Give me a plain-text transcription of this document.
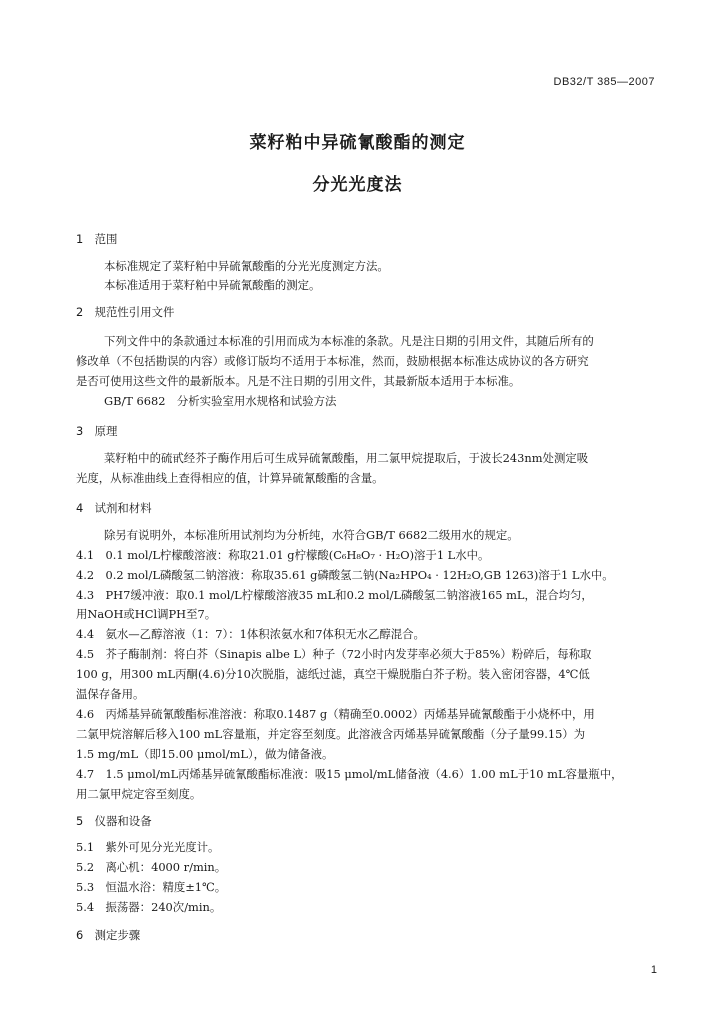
DB32/T 385—2007
菜籽粕中异硫氰酸酯的测定
分光光度法
1　范围
本标准规定了菜籽粕中异硫氰酸酯的分光光度测定方法。
本标准适用于菜籽粕中异硫氰酸酯的测定。
2　规范性引用文件
下列文件中的条款通过本标准的引用而成为本标准的条款。凡是注日期的引用文件，其随后所有的
修改单（不包括勘误的内容）或修订版均不适用于本标准，然而，鼓励根据本标准达成协议的各方研究
是否可使用这些文件的最新版本。凡是不注日期的引用文件，其最新版本适用于本标准。
GB/T 6682　分析实验室用水规格和试验方法
3　原理
菜籽粕中的硫甙经芥子酶作用后可生成异硫氰酸酯，用二氯甲烷提取后，于波长243nm处测定吸
光度，从标准曲线上查得相应的值，计算异硫氰酸酯的含量。
4　试剂和材料
除另有说明外，本标准所用试剂均为分析纯，水符合GB/T 6682二级用水的规定。
4.1　0.1 mol/L柠檬酸溶液：称取21.01 g柠檬酸(C₆H₈O₇ · H₂O)溶于1 L水中。
4.2　0.2 mol/L磷酸氢二钠溶液：称取35.61 g磷酸氢二钠(Na₂HPO₄ · 12H₂O,GB 1263)溶于1 L水中。
4.3　PH7缓冲液：取0.1 mol/L柠檬酸溶液35 mL和0.2 mol/L磷酸氢二钠溶液165 mL，混合均匀，
用NaOH或HCl调PH至7。
4.4　氨水—乙醇溶液（1：7）：1体积浓氨水和7体积无水乙醇混合。
4.5　芥子酶制剂：将白芥（Sinapis albe L）种子（72小时内发芽率必须大于85%）粉碎后，每称取
100 g，用300 mL丙酮(4.6)分10次脱脂，滤纸过滤，真空干燥脱脂白芥子粉。装入密闭容器，4℃低
温保存备用。
4.6　丙烯基异硫氰酸酯标准溶液：称取0.1487 g（精确至0.0002）丙烯基异硫氰酸酯于小烧杯中，用
二氯甲烷溶解后移入100 mL容量瓶，并定容至刻度。此溶液含丙烯基异硫氰酸酯（分子量99.15）为
1.5 mg/mL（即15.00 μmol/mL），做为储备液。
4.7　1.5 μmol/mL丙烯基异硫氰酸酯标准液：吸15 μmol/mL储备液（4.6）1.00 mL于10 mL容量瓶中，
用二氯甲烷定容至刻度。
5　仪器和设备
5.1　紫外可见分光光度计。
5.2　离心机：4000 r/min。
5.3　恒温水浴：精度±1℃。
5.4　振荡器：240次/min。
6　测定步骤
1
